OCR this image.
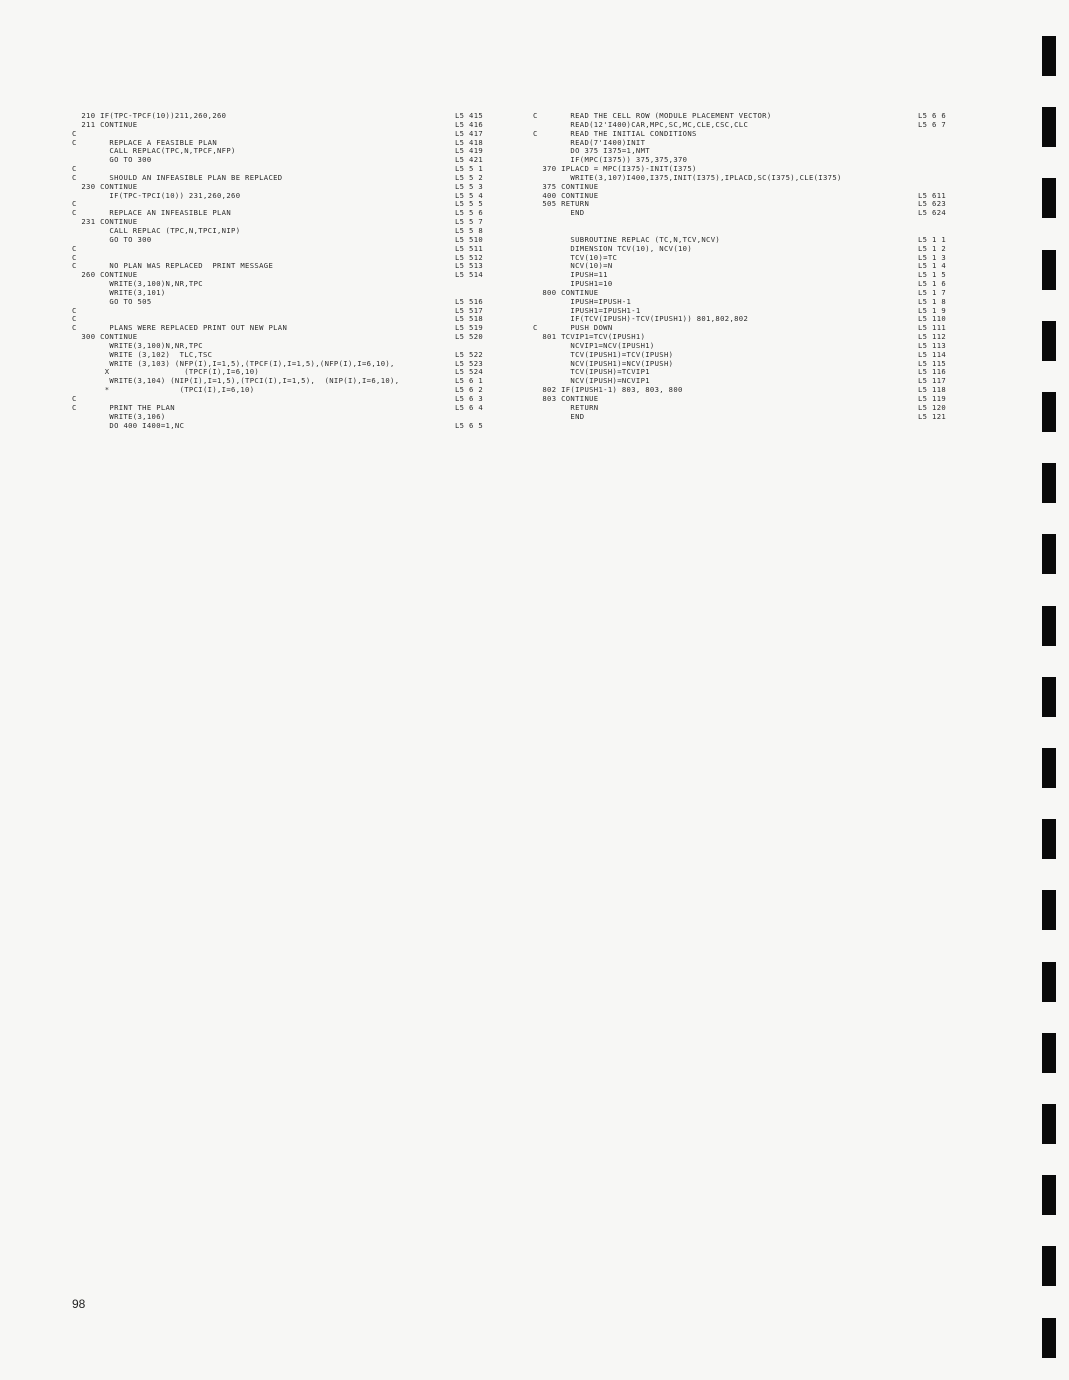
210 IF(TPC-TPCF(10))211,260,260	L5 415
211 CONTINUE	L5 416
C	L5 417
C       REPLACE A FEASIBLE PLAN	L5 418
CALL REPLAC(TPC,N,TPCF,NFP)	L5 419
GO TO 300	L5 421
C	L5 5 1
C       SHOULD AN INFEASIBLE PLAN BE REPLACED	L5 5 2
230 CONTINUE	L5 5 3
IF(TPC-TPCI(10)) 231,260,260	L5 5 4
C	L5 5 5
C       REPLACE AN INFEASIBLE PLAN	L5 5 6
231 CONTINUE	L5 5 7
CALL REPLAC (TPC,N,TPCI,NIP)	L5 5 8
GO TO 300	L5 510
C	L5 511
C	L5 512
C       NO PLAN WAS REPLACED  PRINT MESSAGE	L5 513
260 CONTINUE	L5 514
WRITE(3,100)N,NR,TPC
WRITE(3,101)
GO TO 505	L5 516
C	L5 517
C	L5 518
C       PLANS WERE REPLACED PRINT OUT NEW PLAN	L5 519
300 CONTINUE	L5 520
WRITE(3,100)N,NR,TPC
WRITE (3,102)  TLC,TSC	L5 522
WRITE (3,103) (NFP(I),I=1,5),(TPCF(I),I=1,5),(NFP(I),I=6,10),	L5 523
X                (TPCF(I),I=6,10)	L5 524
WRITE(3,104) (NIP(I),I=1,5),(TPCI(I),I=1,5),  (NIP(I),I=6,10),	L5 6 1
*               (TPCI(I),I=6,10)	L5 6 2
C	L5 6 3
C       PRINT THE PLAN	L5 6 4
WRITE(3,106)
DO 400 I400=1,NC	L5 6 5
C       READ THE CELL ROW (MODULE PLACEMENT VECTOR)	L5 6 6
READ(12'I400)CAR,MPC,SC,MC,CLE,CSC,CLC	L5 6 7
C       READ THE INITIAL CONDITIONS
READ(7'I400)INIT
DO 375 I375=1,NMT
IF(MPC(I375)) 375,375,370
370 IPLACD = MPC(I375)-INIT(I375)
WRITE(3,107)I400,I375,INIT(I375),IPLACD,SC(I375),CLE(I375)
375 CONTINUE
400 CONTINUE	L5 611
505 RETURN	L5 623
END	L5 624
SUBROUTINE REPLAC (TC,N,TCV,NCV)	L5 1 1
DIMENSION TCV(10), NCV(10)	L5 1 2
TCV(10)=TC	L5 1 3
NCV(10)=N	L5 1 4
IPUSH=11	L5 1 5
IPUSH1=10	L5 1 6
800 CONTINUE	L5 1 7
IPUSH=IPUSH-1	L5 1 8
IPUSH1=IPUSH1-1	L5 1 9
IF(TCV(IPUSH)-TCV(IPUSH1)) 801,802,802	L5 110
C       PUSH DOWN	L5 111
801 TCVIP1=TCV(IPUSH1)	L5 112
NCVIP1=NCV(IPUSH1)	L5 113
TCV(IPUSH1)=TCV(IPUSH)	L5 114
NCV(IPUSH1)=NCV(IPUSH)	L5 115
TCV(IPUSH)=TCVIP1	L5 116
NCV(IPUSH)=NCVIP1	L5 117
802 IF(IPUSH1-1) 803, 803, 800	L5 118
803 CONTINUE	L5 119
RETURN	L5 120
END	L5 121
98
